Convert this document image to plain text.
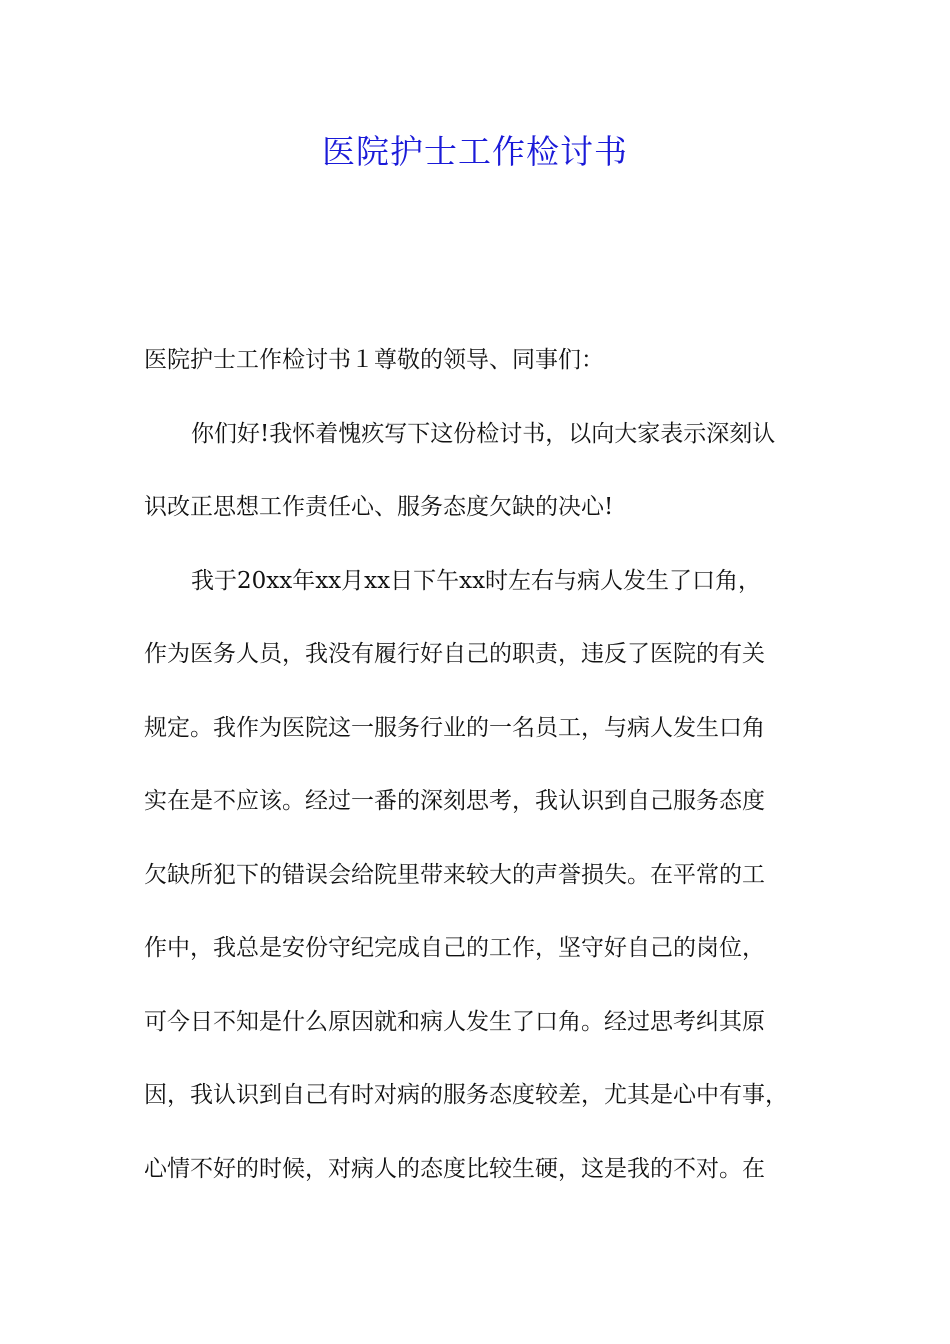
医院护士工作检讨书
医院护士工作检讨书１尊敬的领导、同事们：
你们好!我怀着愧疚写下这份检讨书，以向大家表示深刻认
识改正思想工作责任心、服务态度欠缺的决心!
我于20xx年xx月xx日下午xx时左右与病人发生了口角，
作为医务人员，我没有履行好自己的职责，违反了医院的有关
规定。我作为医院这一服务行业的一名员工，与病人发生口角
实在是不应该。经过一番的深刻思考，我认识到自己服务态度
欠缺所犯下的错误会给院里带来较大的声誉损失。在平常的工
作中，我总是安份守纪完成自己的工作，坚守好自己的岗位，
可今日不知是什么原因就和病人发生了口角。经过思考纠其原
因，我认识到自己有时对病的服务态度较差，尤其是心中有事，
心情不好的时候，对病人的态度比较生硬，这是我的不对。在
